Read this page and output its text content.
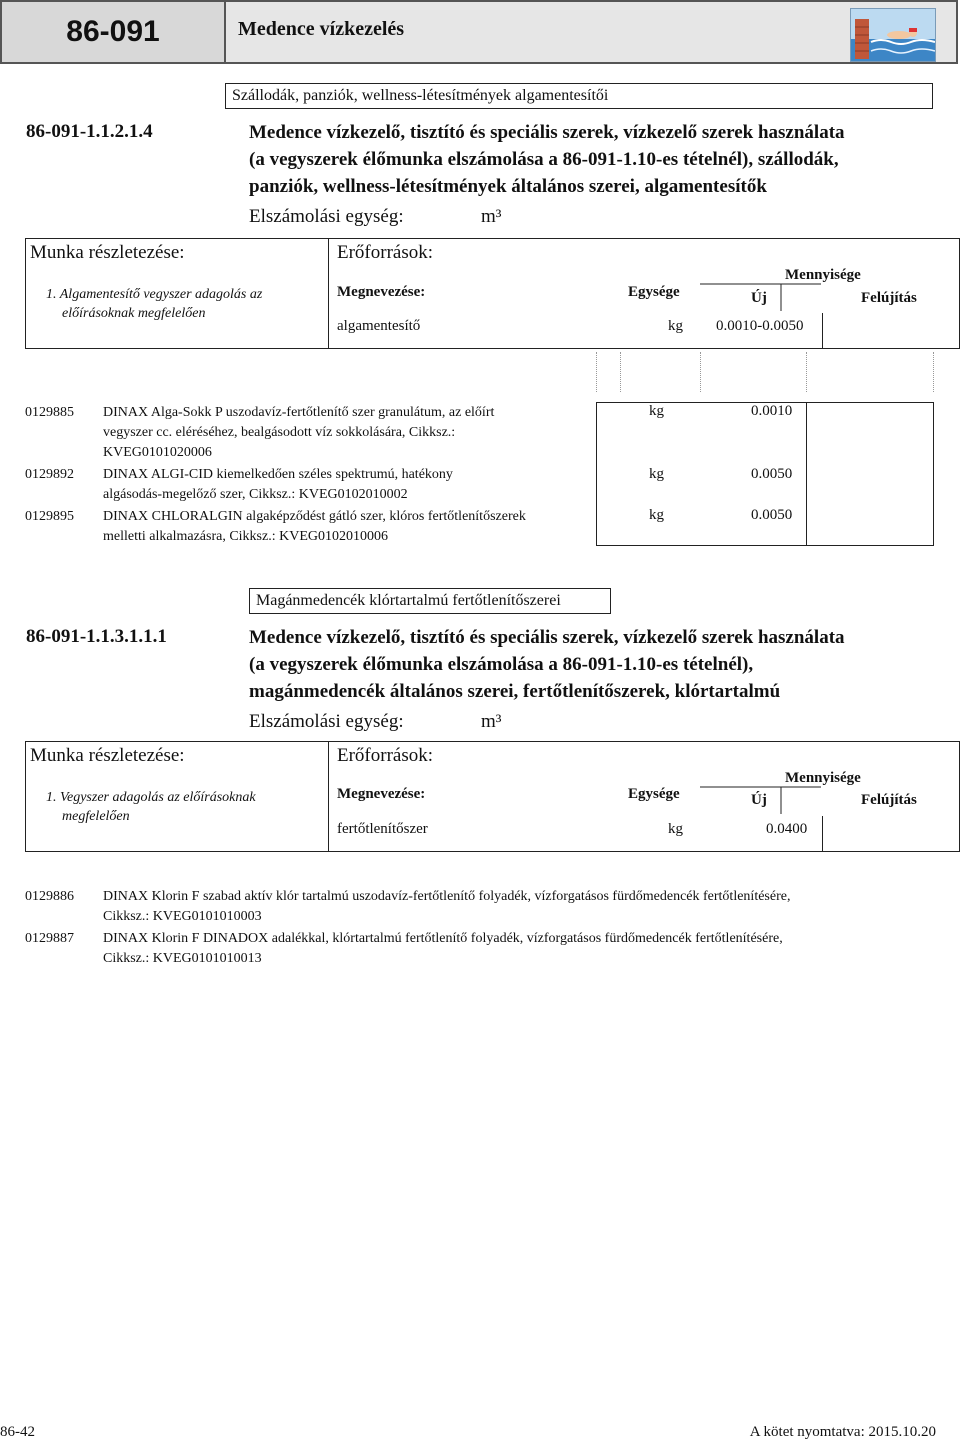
86-091	Medence vízkezelés
Szállodák, panziók, wellness-létesítmények algamentesítői
86-091-1.1.2.1.4	Medence vízkezelő, tisztító és speciális szerek, vízkezelő szerek használata
(a vegyszerek élőmunka elszámolása a 86-091-1.10-es tételnél), szállodák,
panziók, wellness-létesítmények általános szerei, algamentesítők
Elszámolási egység:	m³
Munka részletezése:	Erőforrások:
1. Algamentesítő vegyszer adagolás az
előírásoknak megfelelően
Megnevezése:	Egysége
Mennyisége
Új	Felújítás
algamentesítő	kg 0.0010-0.0050
0129885 DINAX Alga-Sokk P uszodavíz-fertőtlenítő szer granulátum, az előírt
vegyszer cc. eléréséhez, bealgásodott víz sokkolására, Cikksz.:
KVEG0101020006
kg	0.0010
0129892 DINAX ALGI-CID kiemelkedően széles spektrumú, hatékony
algásodás-megelőző szer, Cikksz.: KVEG0102010002
kg	0.0050
0129895 DINAX CHLORALGIN algaképződést gátló szer, klóros fertőtlenítőszerek
melletti alkalmazásra, Cikksz.: KVEG0102010006
kg	0.0050
Magánmedencék klórtartalmú fertőtlenítőszerei
86-091-1.1.3.1.1.1	Medence vízkezelő, tisztító és speciális szerek, vízkezelő szerek használata
(a vegyszerek élőmunka elszámolása a 86-091-1.10-es tételnél),
magánmedencék általános szerei, fertőtlenítőszerek, klórtartalmú
Elszámolási egység:	m³
Munka részletezése:	Erőforrások:
1. Vegyszer adagolás az előírásoknak
megfelelően
Megnevezése:	Egysége
Mennyisége
Új	Felújítás
fertőtlenítőszer	kg	0.0400
0129886 DINAX Klorin F szabad aktív klór tartalmú uszodavíz-fertőtlenítő folyadék, vízforgatásos fürdőmedencék fertőtlenítésére,
Cikksz.: KVEG0101010003
0129887 DINAX Klorin F DINADOX adalékkal, klórtartalmú fertőtlenítő folyadék, vízforgatásos fürdőmedencék fertőtlenítésére,
Cikksz.: KVEG0101010013
86-42	A kötet nyomtatva: 2015.10.20
